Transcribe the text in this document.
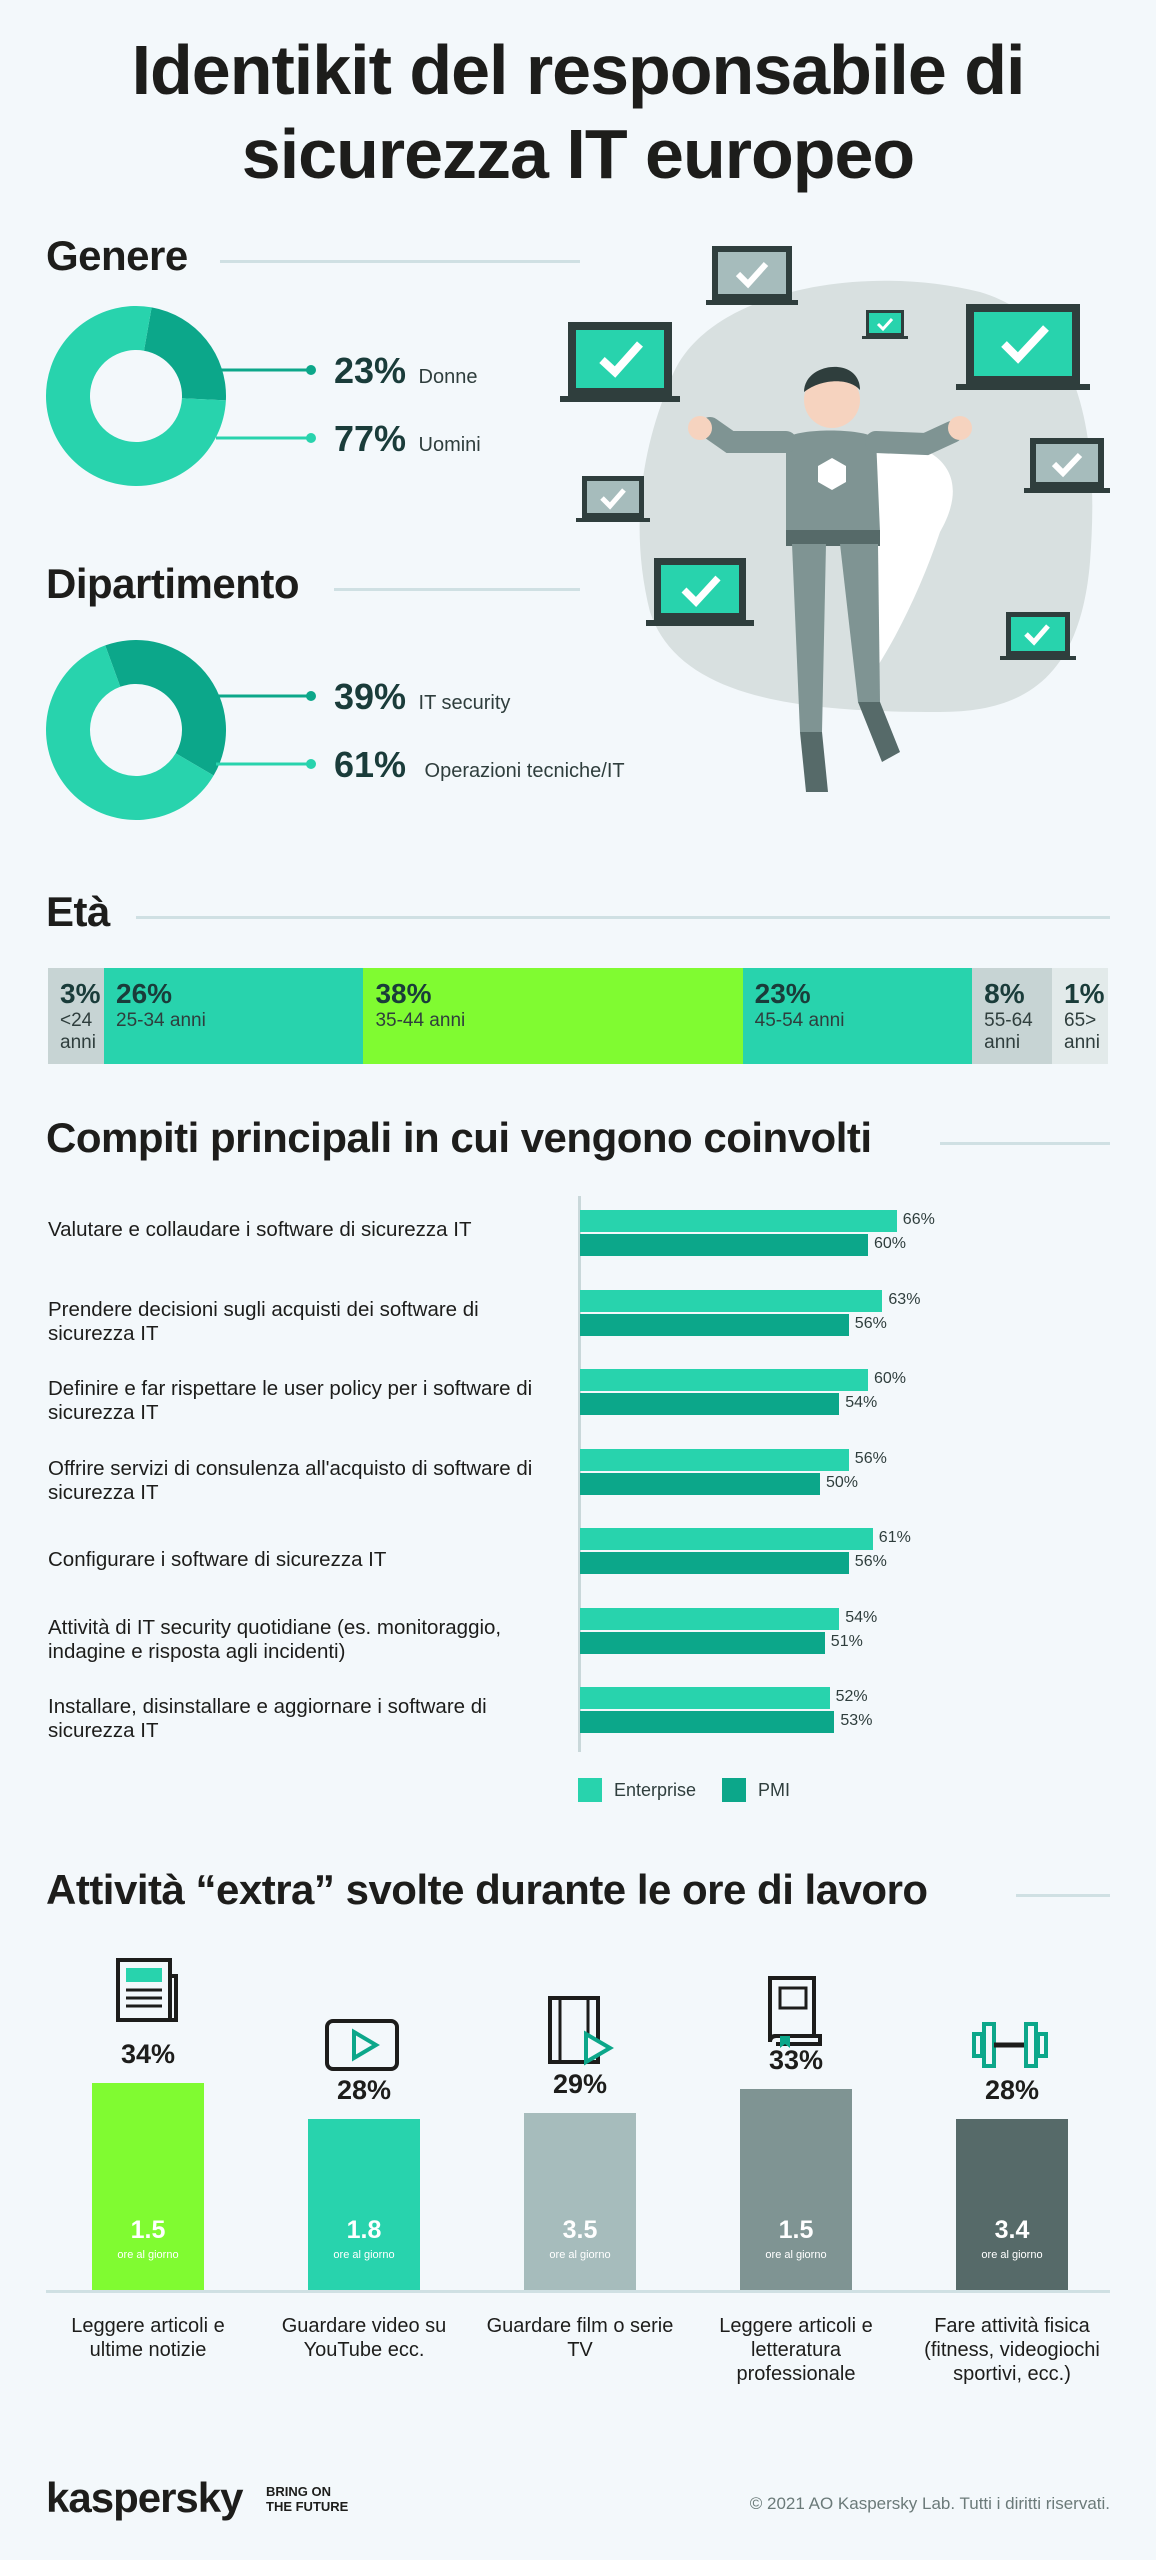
Identikit del responsabile di
sicurezza IT europeo
Genere
23% Donne
77% Uomini
Dipartimento
39% IT security
61% Operazioni tecniche/IT
Età
3%
<24 anni
26%
25-34 anni
38%
35-44 anni
23%
45-54 anni
8%
55-64 anni
1%
65> anni
Compiti principali in cui vengono coinvolti
Valutare e collaudare i software di sicurezza IT	66%
60%
Prendere decisioni sugli acquisti dei software di sicurezza IT
63%
56%
Definire e far rispettare le user policy per i software di sicurezza IT
60%
54%
Offrire servizi di consulenza all'acquisto di software di sicurezza IT
56%
50%
Configurare i software di sicurezza IT
61%
56%
Attività di IT security quotidiane (es. monitoraggio, indagine e risposta agli incidenti)
54%
51%
Installare, disinstallare e aggiornare i software di sicurezza IT
52%
53%
Enterprise	PMI
Attività “extra” svolte durante le ore di lavoro
34%
1.5
ore al giorno
Leggere articoli e ultime notizie
28%
1.8
ore al giorno
Guardare video su YouTube ecc.
29%
3.5
ore al giorno
Guardare film o serie TV
33%
1.5
ore al giorno
Leggere articoli e letteratura professionale
28%
3.4
ore al giorno
Fare attività fisica (fitness, videogiochi sportivi, ecc.)
kaspersky BRING ON
THE FUTURE	© 2021 AO Kaspersky Lab. Tutti i diritti riservati.
